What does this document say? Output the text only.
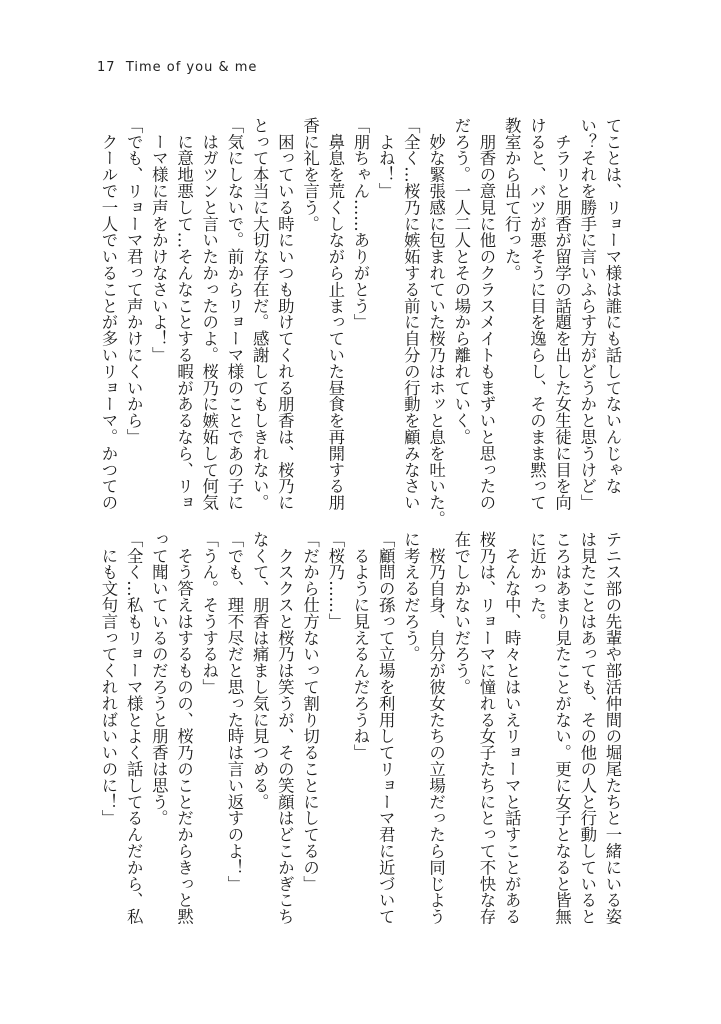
17 Time of you & me
てことは、リョーマ様は誰にも話してないんじゃな
い？それを勝手に言いふらす方がどうかと思うけど」
　チラリと朋香が留学の話題を出した女生徒に目を向
けると、バツが悪そうに目を逸らし、そのまま黙って
教室から出て行った。
　朋香の意見に他のクラスメイトもまずいと思ったの
だろう。一人二人とその場から離れていく。
　妙な緊張感に包まれていた桜乃はホッと息を吐いた。
「全く…桜乃に嫉妬する前に自分の行動を顧みなさい
　よね！」
「朋ちゃん……ありがとう」
　鼻息を荒くしながら止まっていた昼食を再開する朋
香に礼を言う。
　困っている時にいつも助けてくれる朋香は、桜乃に
とって本当に大切な存在だ。感謝してもしきれない。
「気にしないで。前からリョーマ様のことであの子に
　はガツンと言いたかったのよ。桜乃に嫉妬して何気
　に意地悪して…そんなことする暇があるなら、リョ
　ーマ様に声をかけなさいよ！」
「でも、リョーマ君って声かけにくいから」
　クールで一人でいることが多いリョーマ。かつての
テニス部の先輩や部活仲間の堀尾たちと一緒にいる姿
は見たことはあっても、その他の人と行動していると
ころはあまり見たことがない。更に女子となると皆無
に近かった。
　そんな中、時々とはいえリョーマと話すことがある
桜乃は、リョーマに憧れる女子たちにとって不快な存
在でしかないだろう。
　桜乃自身、自分が彼女たちの立場だったら同じよう
に考えるだろう。
「顧問の孫って立場を利用してリョーマ君に近づいて
　るように見えるんだろうね」
「桜乃……」
「だから仕方ないって割り切ることにしてるの」
　クスクスと桜乃は笑うが、その笑顔はどこかぎこち
なくて、朋香は痛まし気に見つめる。
「でも、理不尽だと思った時は言い返すのよ！」
「うん。そうするね」
　そう答えはするものの、桜乃のことだからきっと黙
って聞いているのだろうと朋香は思う。
「全く…私もリョーマ様とよく話してるんだから、私
　にも文句言ってくれればいいのに！」
